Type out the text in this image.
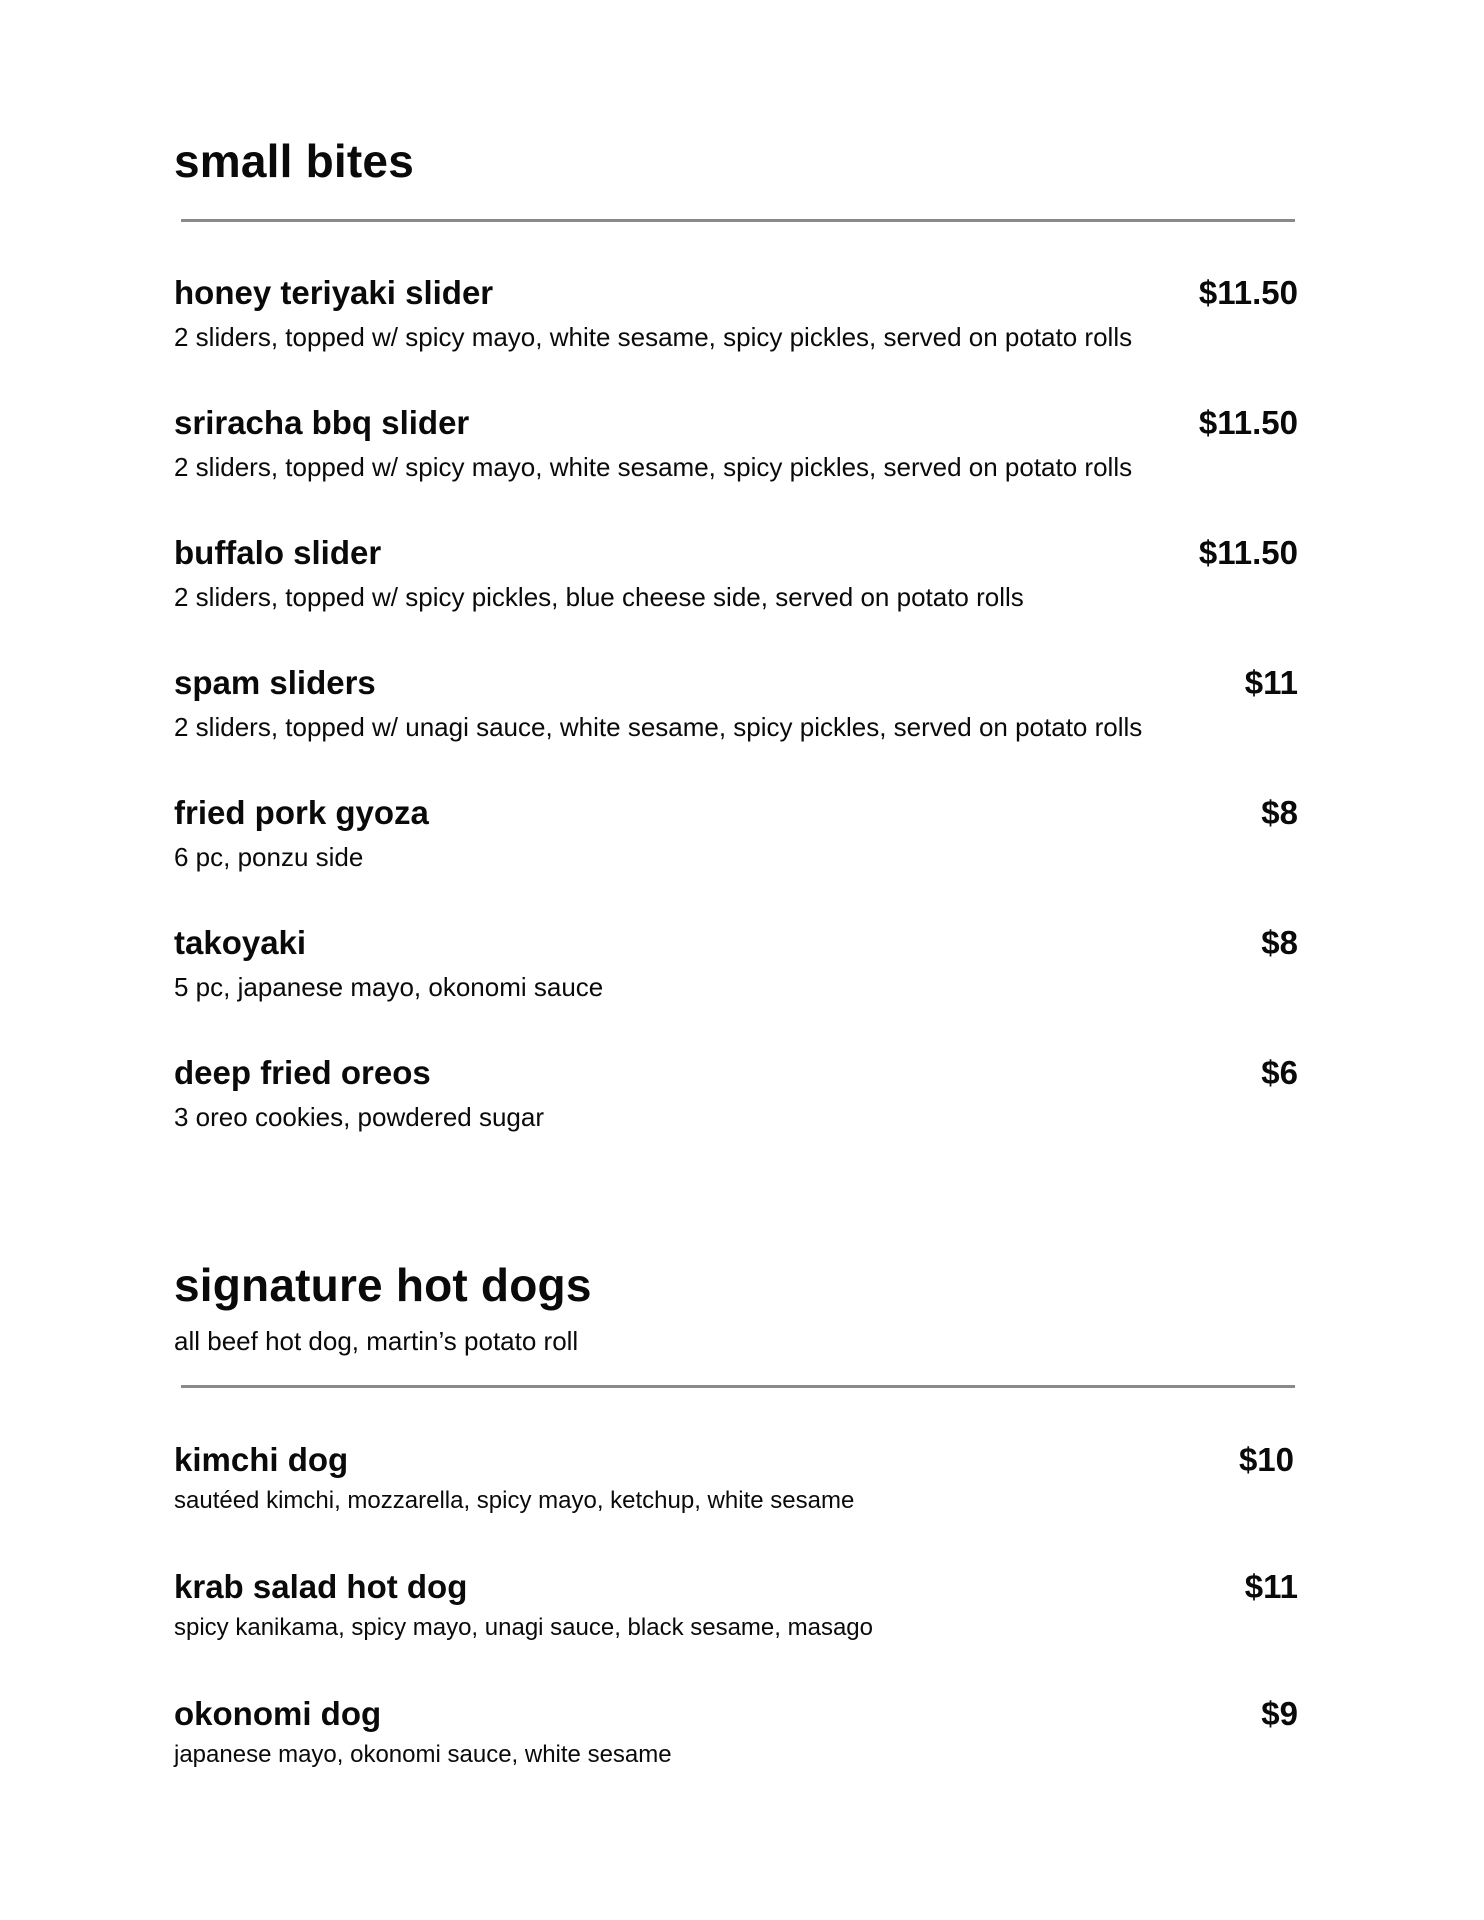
small bites
honey teriyaki slider	$11.50
2 sliders, topped w/ spicy mayo, white sesame, spicy pickles, served on potato rolls
sriracha bbq slider	$11.50
2 sliders, topped w/ spicy mayo, white sesame, spicy pickles, served on potato rolls
buffalo slider	$11.50
2 sliders, topped w/ spicy pickles, blue cheese side, served on potato rolls
spam sliders	$11
2 sliders, topped w/ unagi sauce, white sesame, spicy pickles, served on potato rolls
fried pork gyoza	$8
6 pc, ponzu side
takoyaki	$8
5 pc, japanese mayo, okonomi sauce
deep fried oreos	$6
3 oreo cookies, powdered sugar
signature hot dogs

all beef hot dog, martin’s potato roll

kimchi dog	$10
sautéed kimchi, mozzarella, spicy mayo, ketchup, white sesame
krab salad hot dog	$11
spicy kanikama, spicy mayo, unagi sauce, black sesame, masago
okonomi dog	$9
japanese mayo, okonomi sauce, white sesame
